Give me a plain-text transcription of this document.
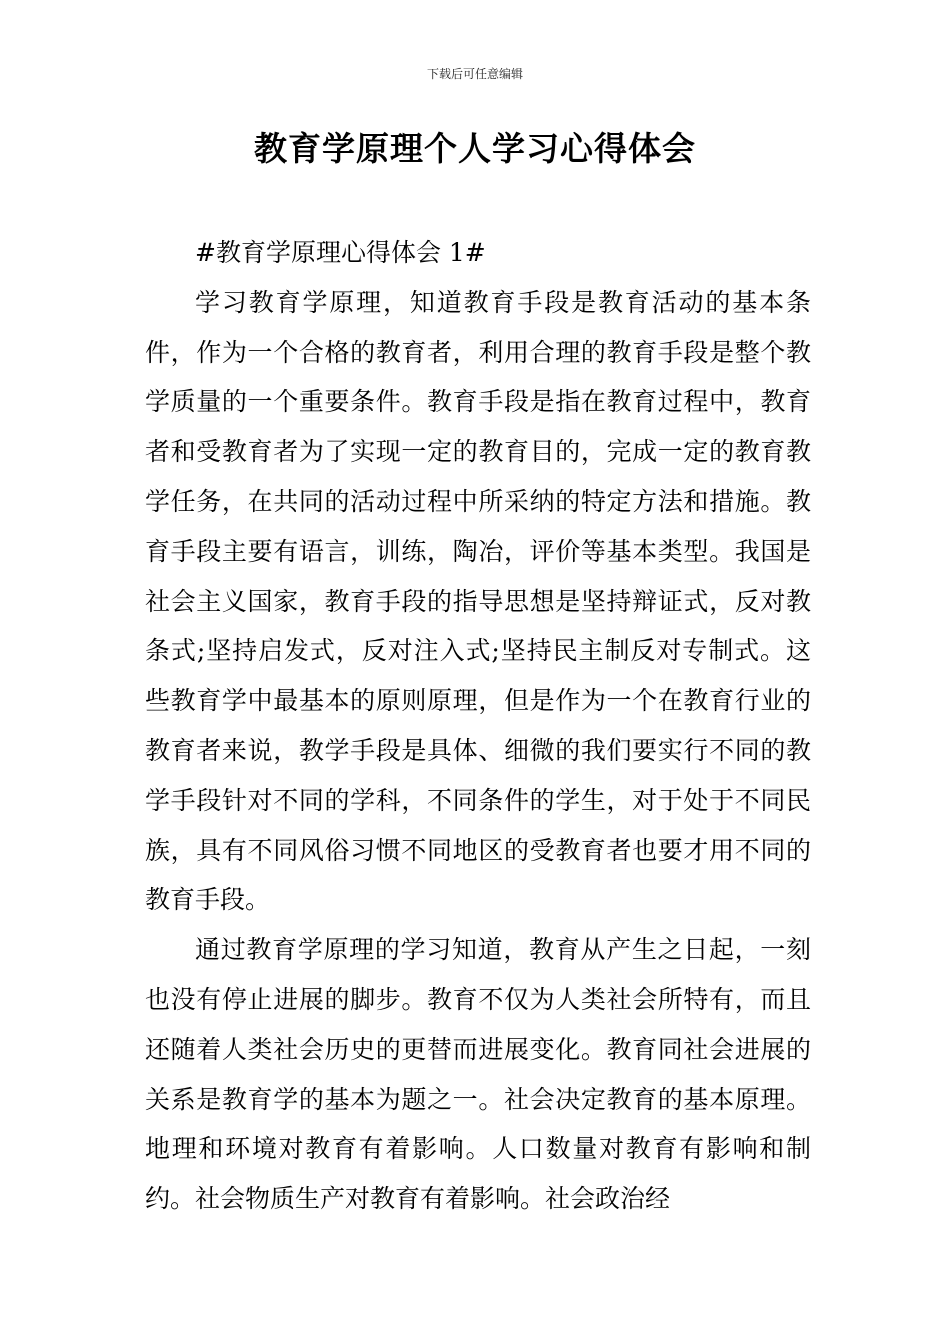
下载后可任意编辑
教育学原理个人学习心得体会

#教育学原理心得体会 1#

学习教育学原理，知道教育手段是教育活动的基本条件，作为一个合格的教育者，利用合理的教育手段是整个教学质量的一个重要条件。教育手段是指在教育过程中，教育者和受教育者为了实现一定的教育目的，完成一定的教育教学任务，在共同的活动过程中所采纳的特定方法和措施。教育手段主要有语言，训练，陶冶，评价等基本类型。我国是社会主义国家，教育手段的指导思想是坚持辩证式，反对教条式;坚持启发式，反对注入式;坚持民主制反对专制式。这些教育学中最基本的原则原理，但是作为一个在教育行业的教育者来说，教学手段是具体、细微的我们要实行不同的教学手段针对不同的学科，不同条件的学生，对于处于不同民族，具有不同风俗习惯不同地区的受教育者也要才用不同的教育手段。

通过教育学原理的学习知道，教育从产生之日起，一刻也没有停止进展的脚步。教育不仅为人类社会所特有，而且还随着人类社会历史的更替而进展变化。教育同社会进展的关系是教育学的基本为题之一。社会决定教育的基本原理。地理和环境对教育有着影响。人口数量对教育有影响和制约。社会物质生产对教育有着影响。社会政治经
